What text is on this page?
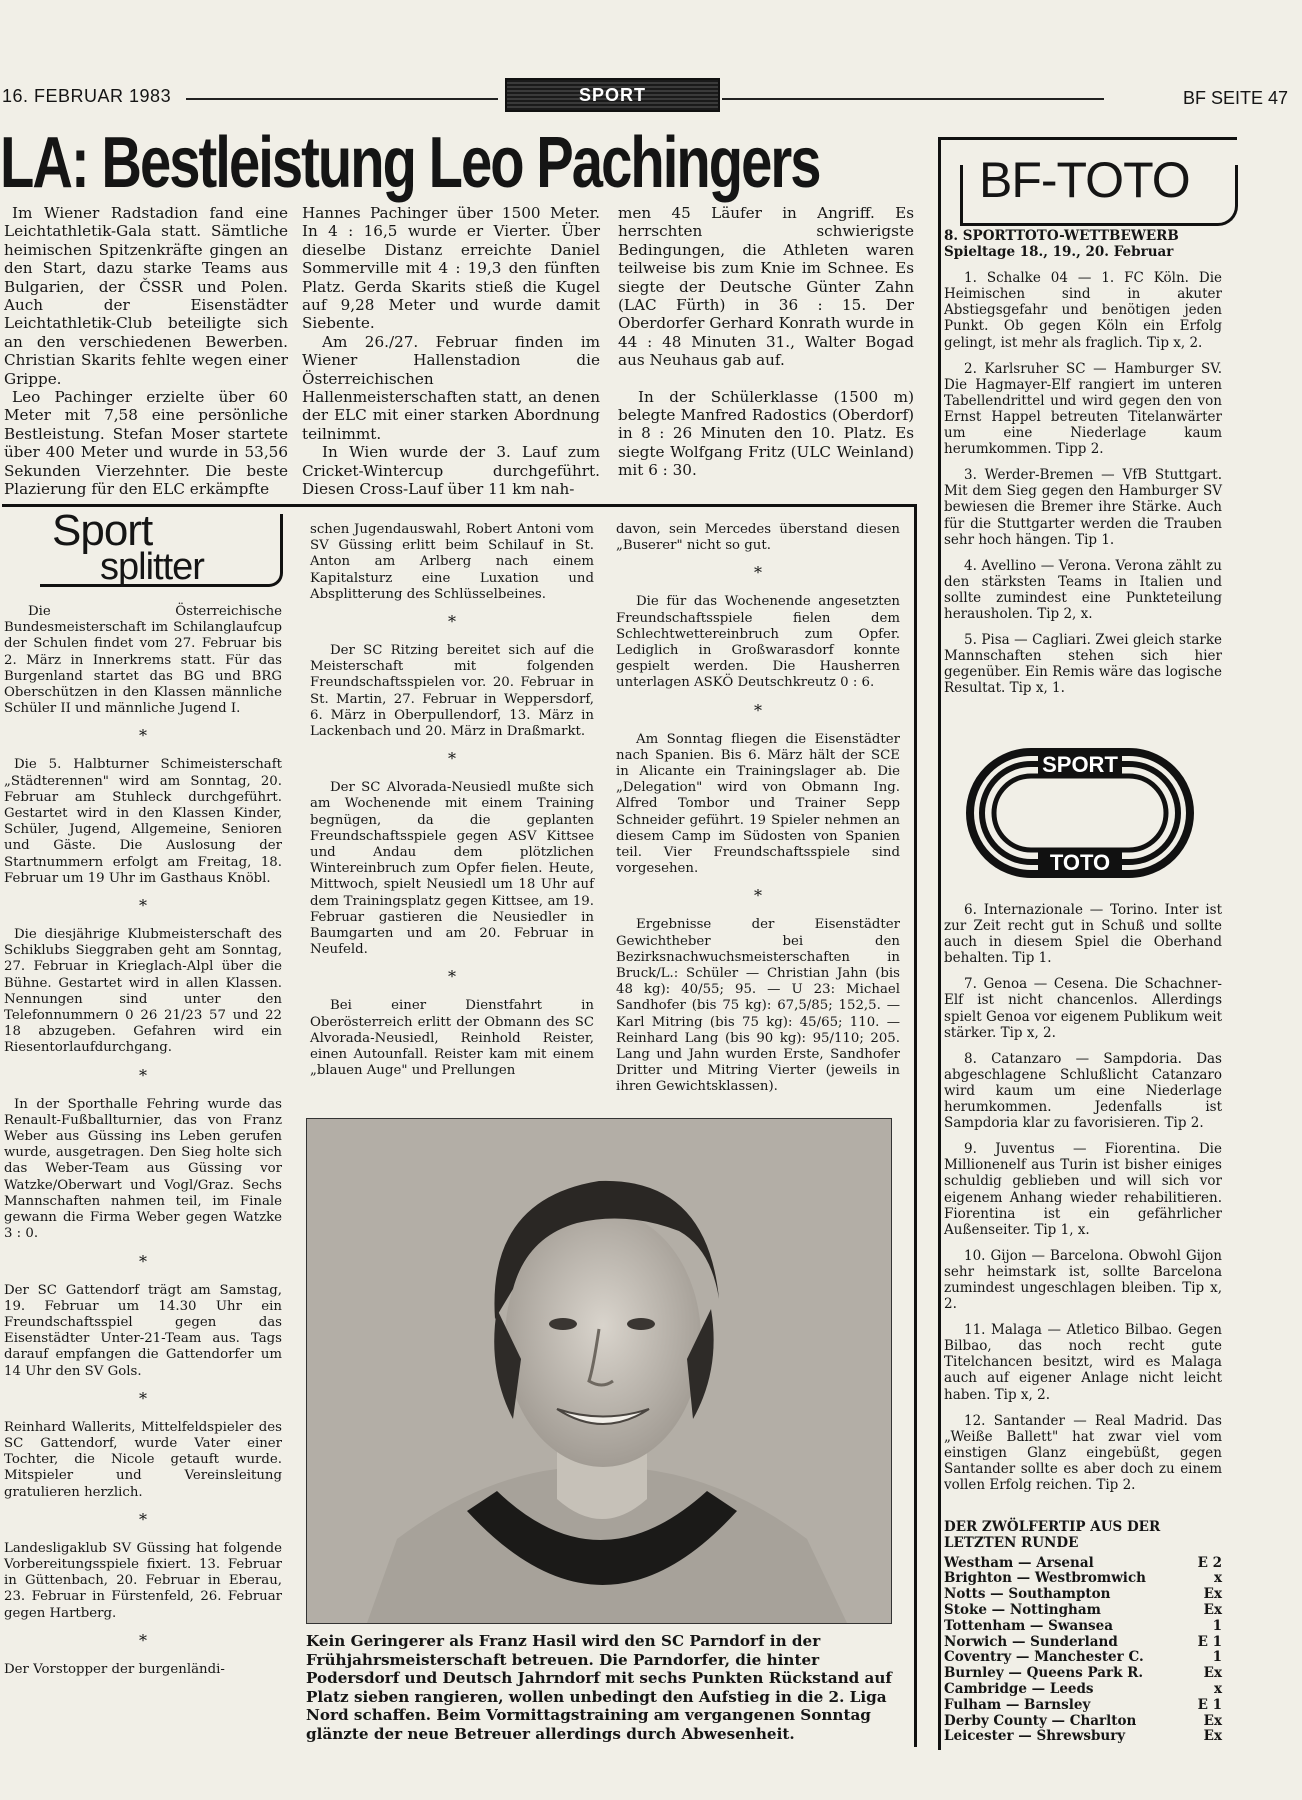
16. FEBRUAR 1983	SPORT	BF SEITE 47
LA: Bestleistung Leo Pachingers

Im Wiener Radstadion fand eine Leichtathletik-Gala statt. Sämtliche heimischen Spitzenkräfte gingen an den Start, dazu starke Teams aus Bulgarien, der ČSSR und Polen. Auch der Eisenstädter Leichtathletik-Club beteiligte sich an den verschiedenen Bewerben. Christian Skarits fehlte wegen einer Grippe.

Leo Pachinger erzielte über 60 Meter mit 7,58 eine persönliche Bestleistung. Stefan Moser startete über 400 Meter und wurde in 53,56 Sekunden Vierzehnter. Die beste Plazierung für den ELC erkämpfte

Hannes Pachinger über 1500 Meter. In 4 : 16,5 wurde er Vierter. Über dieselbe Distanz erreichte Daniel Sommerville mit 4 : 19,3 den fünften Platz. Gerda Skarits stieß die Kugel auf 9,28 Meter und wurde damit Siebente.

Am 26./27. Februar finden im Wiener Hallenstadion die Österreichischen Hallenmeisterschaften statt, an denen der ELC mit einer starken Abordnung teilnimmt.

In Wien wurde der 3. Lauf zum Cricket-Wintercup durchgeführt. Diesen Cross-Lauf über 11 km nah-

men 45 Läufer in Angriff. Es herrschten schwierigste Bedingungen, die Athleten waren teilweise bis zum Knie im Schnee. Es siegte der Deutsche Günter Zahn (LAC Fürth) in 36 : 15. Der Oberdorfer Gerhard Konrath wurde in 44 : 48 Minuten 31., Walter Bogad aus Neuhaus gab auf.

In der Schülerklasse (1500 m) belegte Manfred Radostics (Oberdorf) in 8 : 26 Minuten den 10. Platz. Es siegte Wolfgang Fritz (ULC Weinland) mit 6 : 30.

Sport
splitter

Die Österreichische Bundesmeisterschaft im Schilanglaufcup der Schulen findet vom 27. Februar bis 2. März in Innerkrems statt. Für das Burgenland startet das BG und BRG Oberschützen in den Klassen männliche Schüler II und männliche Jugend I.

*

Die 5. Halbturner Schimeisterschaft „Städterennen" wird am Sonntag, 20. Februar am Stuhleck durchgeführt. Gestartet wird in den Klassen Kinder, Schüler, Jugend, Allgemeine, Senioren und Gäste. Die Auslosung der Startnummern erfolgt am Freitag, 18. Februar um 19 Uhr im Gasthaus Knöbl.

*

Die diesjährige Klubmeisterschaft des Schiklubs Sieggraben geht am Sonntag, 27. Februar in Krieglach-Alpl über die Bühne. Gestartet wird in allen Klassen. Nennungen sind unter den Telefonnummern 0 26 21/23 57 und 22 18 abzugeben. Gefahren wird ein Riesentorlaufdurchgang.

*

In der Sporthalle Fehring wurde das Renault-Fußballturnier, das von Franz Weber aus Güssing ins Leben gerufen wurde, ausgetragen. Den Sieg holte sich das Weber-Team aus Güssing vor Watzke/Oberwart und Vogl/Graz. Sechs Mannschaften nahmen teil, im Finale gewann die Firma Weber gegen Watzke 3 : 0.

*

Der SC Gattendorf trägt am Samstag, 19. Februar um 14.30 Uhr ein Freundschaftsspiel gegen das Eisenstädter Unter-21-Team aus. Tags darauf empfangen die Gattendorfer um 14 Uhr den SV Gols.

*

Reinhard Wallerits, Mittelfeldspieler des SC Gattendorf, wurde Vater einer Tochter, die Nicole getauft wurde. Mitspieler und Vereinsleitung gratulieren herzlich.

*

Landesligaklub SV Güssing hat folgende Vorbereitungsspiele fixiert. 13. Februar in Güttenbach, 20. Februar in Eberau, 23. Februar in Fürstenfeld, 26. Februar gegen Hartberg.

*

Der Vorstopper der burgenländi-

schen Jugendauswahl, Robert Antoni vom SV Güssing erlitt beim Schilauf in St. Anton am Arlberg nach einem Kapitalsturz eine Luxation und Absplitterung des Schlüsselbeines.

*

Der SC Ritzing bereitet sich auf die Meisterschaft mit folgenden Freundschaftsspielen vor. 20. Februar in St. Martin, 27. Februar in Weppersdorf, 6. März in Oberpullendorf, 13. März in Lackenbach und 20. März in Draßmarkt.

*

Der SC Alvorada-Neusiedl mußte sich am Wochenende mit einem Training begnügen, da die geplanten Freundschaftsspiele gegen ASV Kittsee und Andau dem plötzlichen Wintereinbruch zum Opfer fielen. Heute, Mittwoch, spielt Neusiedl um 18 Uhr auf dem Trainingsplatz gegen Kittsee, am 19. Februar gastieren die Neusiedler in Baumgarten und am 20. Februar in Neufeld.

*

Bei einer Dienstfahrt in Oberösterreich erlitt der Obmann des SC Alvorada-Neusiedl, Reinhold Reister, einen Autounfall. Reister kam mit einem „blauen Auge" und Prellungen

davon, sein Mercedes überstand diesen „Buserer" nicht so gut.

*

Die für das Wochenende angesetzten Freundschaftsspiele fielen dem Schlechtwettereinbruch zum Opfer. Lediglich in Großwarasdorf konnte gespielt werden. Die Hausherren unterlagen ASKÖ Deutschkreutz 0 : 6.

*

Am Sonntag fliegen die Eisenstädter nach Spanien. Bis 6. März hält der SCE in Alicante ein Trainingslager ab. Die „Delegation" wird von Obmann Ing. Alfred Tombor und Trainer Sepp Schneider geführt. 19 Spieler nehmen an diesem Camp im Südosten von Spanien teil. Vier Freundschaftsspiele sind vorgesehen.

*

Ergebnisse der Eisenstädter Gewichtheber bei den Bezirksnachwuchsmeisterschaften in Bruck/L.: Schüler — Christian Jahn (bis 48 kg): 40/55; 95. — U 23: Michael Sandhofer (bis 75 kg): 67,5/85; 152,5. — Karl Mitring (bis 75 kg): 45/65; 110. — Reinhard Lang (bis 90 kg): 95/110; 205. Lang und Jahn wurden Erste, Sandhofer Dritter und Mitring Vierter (jeweils in ihren Gewichtsklassen).

Kein Geringerer als Franz Hasil wird den SC Parndorf in der Frühjahrsmeisterschaft betreuen. Die Parndorfer, die hinter Podersdorf und Deutsch Jahrndorf mit sechs Punkten Rückstand auf Platz sieben rangieren, wollen unbedingt den Aufstieg in die 2. Liga Nord schaffen. Beim Vormittagstraining am vergangenen Sonntag glänzte der neue Betreuer allerdings durch Abwesenheit.
BF-TOTO

8. SPORTTOTO-WETTBEWERB

Spieltage 18., 19., 20. Februar

1. Schalke 04 — 1. FC Köln. Die Heimischen sind in akuter Abstiegsgefahr und benötigen jeden Punkt. Ob gegen Köln ein Erfolg gelingt, ist mehr als fraglich. Tip x, 2.

2. Karlsruher SC — Hamburger SV. Die Hagmayer-Elf rangiert im unteren Tabellendrittel und wird gegen den von Ernst Happel betreuten Titelanwärter um eine Niederlage kaum herumkommen. Tipp 2.

3. Werder-Bremen — VfB Stuttgart. Mit dem Sieg gegen den Hamburger SV bewiesen die Bremer ihre Stärke. Auch für die Stuttgarter werden die Trauben sehr hoch hängen. Tip 1.

4. Avellino — Verona. Verona zählt zu den stärksten Teams in Italien und sollte zumindest eine Punkteteilung herausholen. Tip 2, x.

5. Pisa — Cagliari. Zwei gleich starke Mannschaften stehen sich hier gegenüber. Ein Remis wäre das logische Resultat. Tip x, 1.

SPORT
TOTO

6. Internazionale — Torino. Inter ist zur Zeit recht gut in Schuß und sollte auch in diesem Spiel die Oberhand behalten. Tip 1.

7. Genoa — Cesena. Die Schachner-Elf ist nicht chancenlos. Allerdings spielt Genoa vor eigenem Publikum weit stärker. Tip x, 2.

8. Catanzaro — Sampdoria. Das abgeschlagene Schlußlicht Catanzaro wird kaum um eine Niederlage herumkommen. Jedenfalls ist Sampdoria klar zu favorisieren. Tip 2.

9. Juventus — Fiorentina. Die Millionenelf aus Turin ist bisher einiges schuldig geblieben und will sich vor eigenem Anhang wieder rehabilitieren. Fiorentina ist ein gefährlicher Außenseiter. Tip 1, x.

10. Gijon — Barcelona. Obwohl Gijon sehr heimstark ist, sollte Barcelona zumindest ungeschlagen bleiben. Tip x, 2.

11. Malaga — Atletico Bilbao. Gegen Bilbao, das noch recht gute Titelchancen besitzt, wird es Malaga auch auf eigener Anlage nicht leicht haben. Tip x, 2.

12. Santander — Real Madrid. Das „Weiße Ballett" hat zwar viel vom einstigen Glanz eingebüßt, gegen Santander sollte es aber doch zu einem vollen Erfolg reichen. Tip 2.

DER ZWÖLFERTIP AUS DER LETZTEN RUNDE
Westham — Arsenal	E 2
Brighton — Westbromwich	x
Notts — Southampton	Ex
Stoke — Nottingham	Ex
Tottenham — Swansea	1
Norwich — Sunderland	E 1
Coventry — Manchester C.	1
Burnley — Queens Park R.	Ex
Cambridge — Leeds	x
Fulham — Barnsley	E 1
Derby County — Charlton	Ex
Leicester — Shrewsbury	Ex
